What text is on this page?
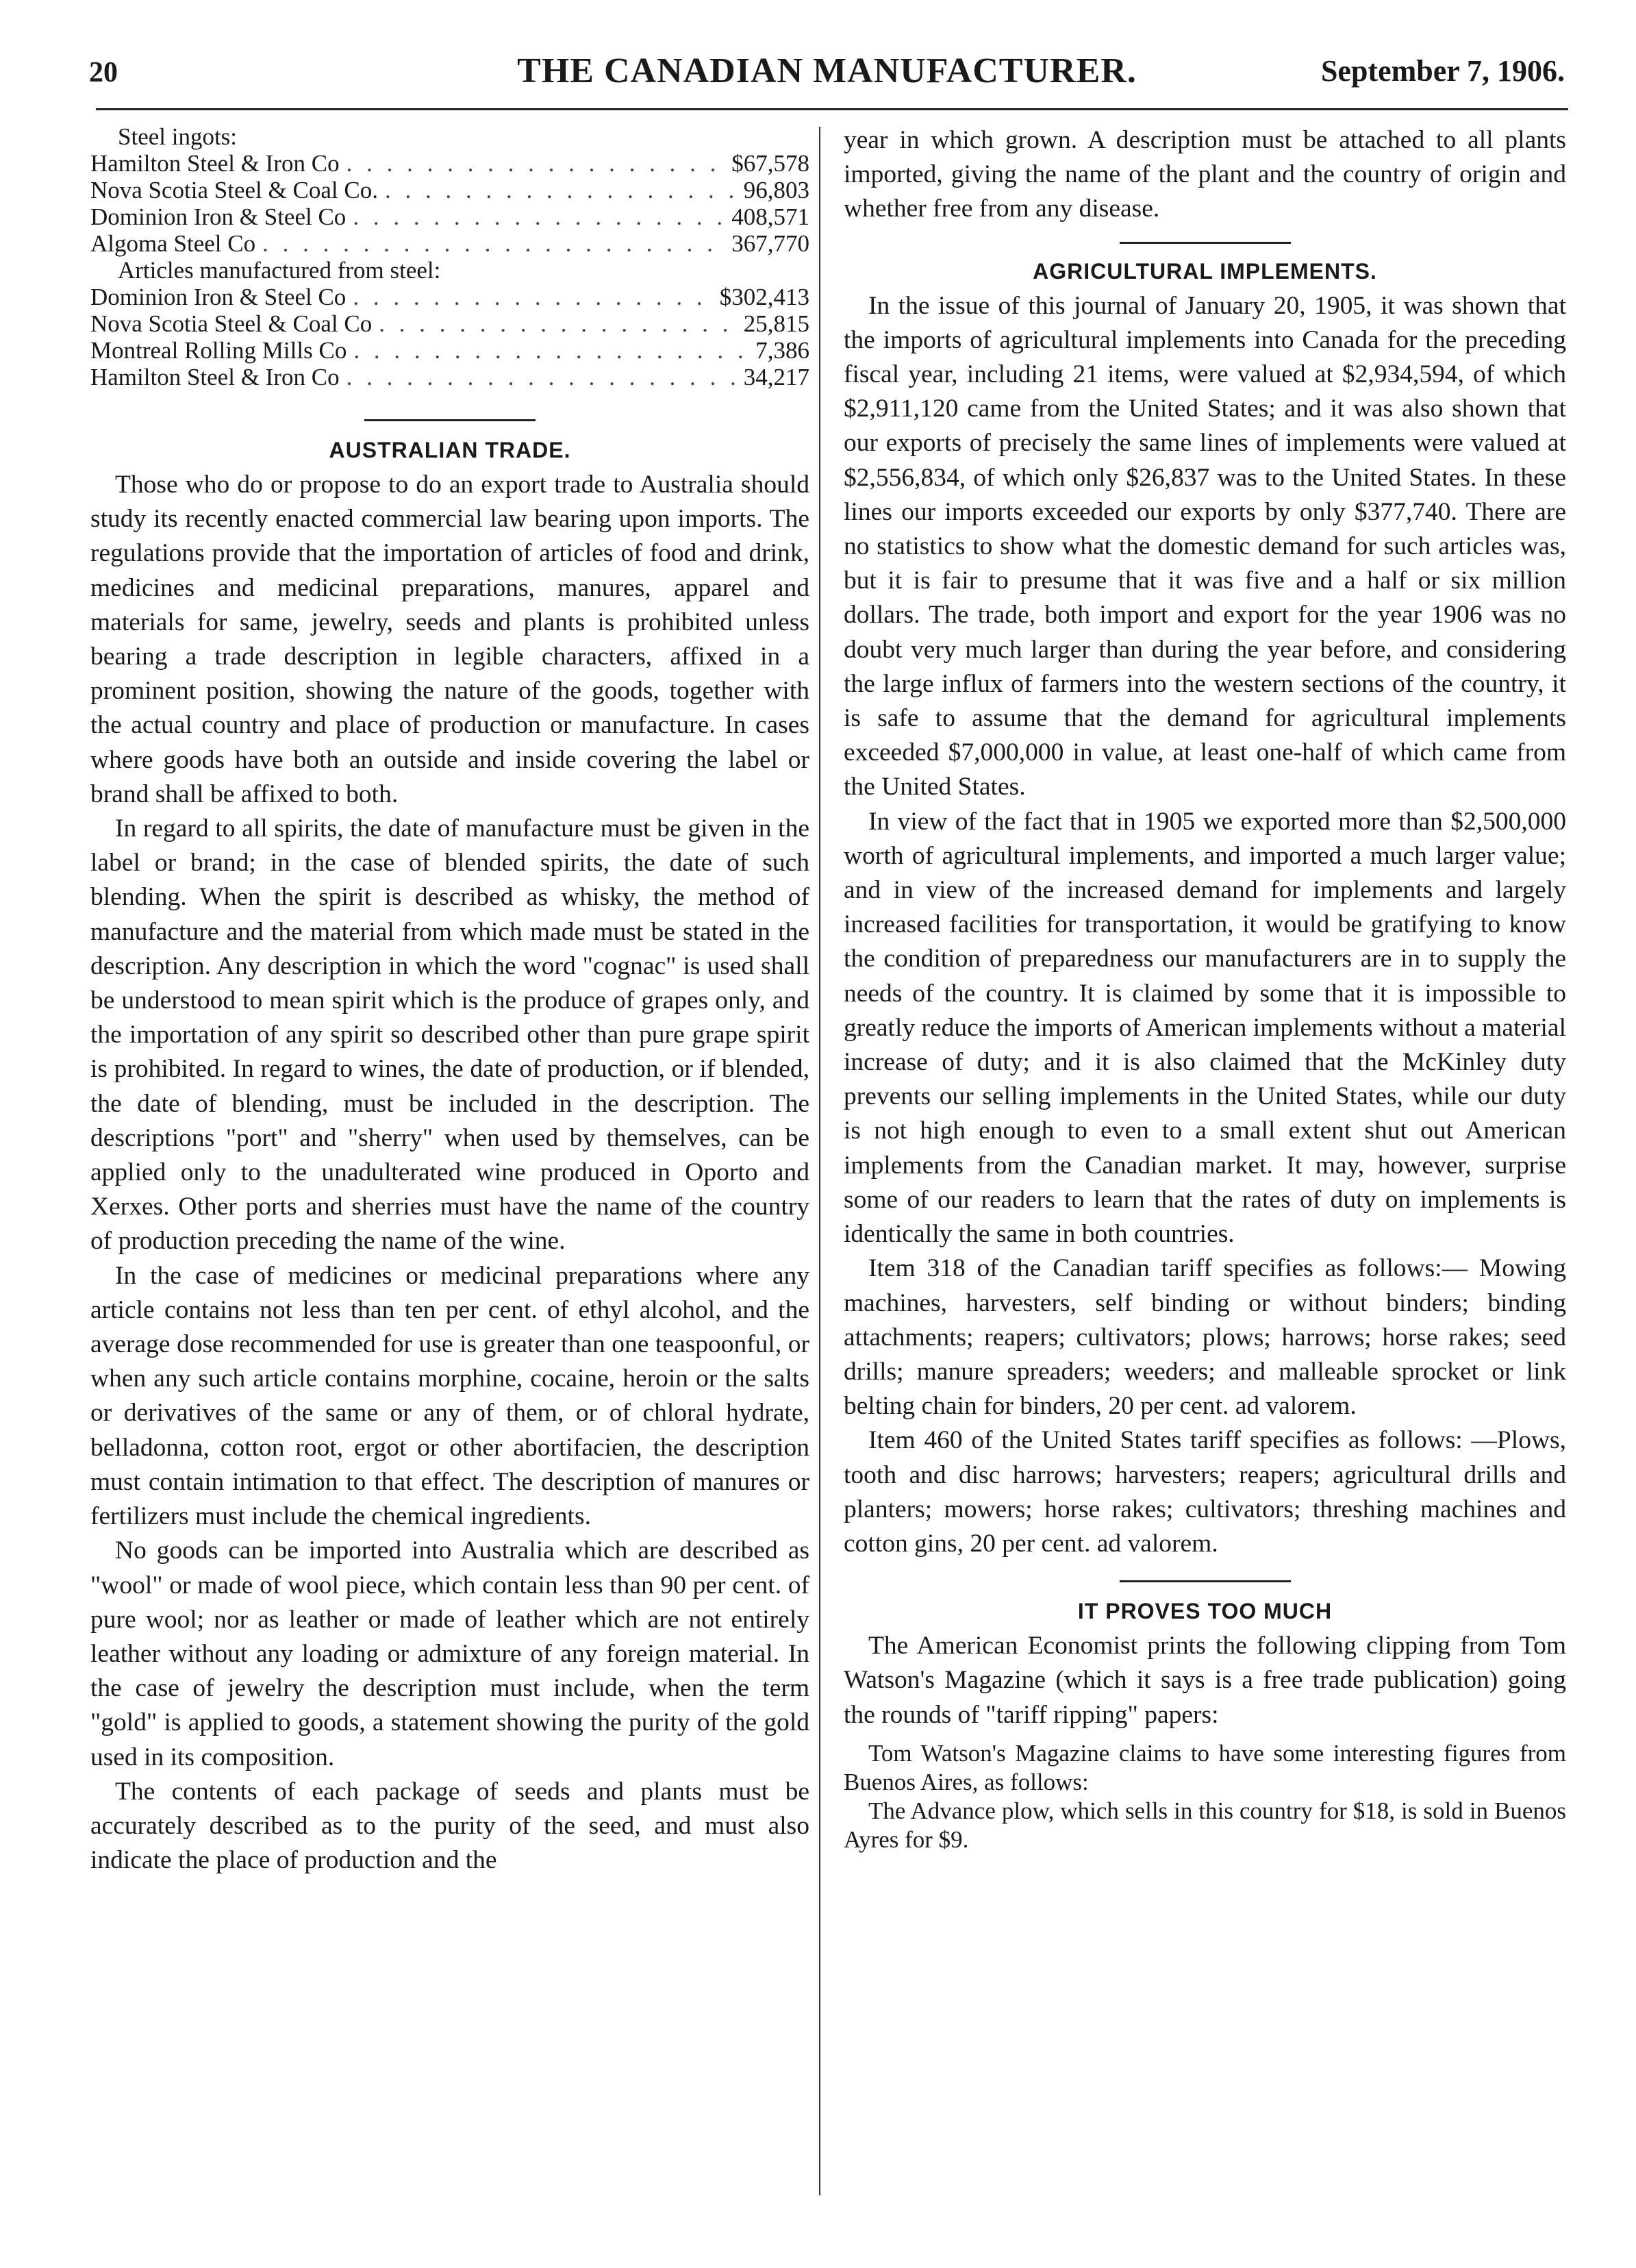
20	THE CANADIAN MANUFACTURER.	September 7, 1906.
Steel ingots:
Hamilton Steel & Iron Co . . .	$67,578
Nova Scotia Steel & Coal Co. . . .	96,803
Dominion Iron & Steel Co . . .	408,571
Algoma Steel Co . . .	367,770
Articles manufactured from steel:
Dominion Iron & Steel Co . . .	$302,413
Nova Scotia Steel & Coal Co . . .	25,815
Montreal Rolling Mills Co . . .	7,386
Hamilton Steel & Iron Co . . .	34,217
AUSTRALIAN TRADE.

Those who do or propose to do an export trade to Australia should study its recently enacted commercial law bearing upon imports. The regulations provide that the importation of articles of food and drink, medicines and medicinal preparations, manures, apparel and materials for same, jewelry, seeds and plants is prohibited unless bearing a trade description in legible characters, affixed in a prominent position, showing the nature of the goods, together with the actual country and place of production or manufacture. In cases where goods have both an outside and inside covering the label or brand shall be affixed to both.

In regard to all spirits, the date of manufacture must be given in the label or brand; in the case of blended spirits, the date of such blending. When the spirit is described as whisky, the method of manufacture and the material from which made must be stated in the description. Any description in which the word "cognac" is used shall be understood to mean spirit which is the produce of grapes only, and the importation of any spirit so described other than pure grape spirit is prohibited. In regard to wines, the date of production, or if blended, the date of blending, must be included in the description. The descriptions "port" and "sherry" when used by themselves, can be applied only to the unadulterated wine produced in Oporto and Xerxes. Other ports and sherries must have the name of the country of production preceding the name of the wine.

In the case of medicines or medicinal preparations where any article contains not less than ten per cent. of ethyl alcohol, and the average dose recommended for use is greater than one teaspoonful, or when any such article contains morphine, cocaine, heroin or the salts or derivatives of the same or any of them, or of chloral hydrate, belladonna, cotton root, ergot or other abortifacien, the description must contain intimation to that effect. The description of manures or fertilizers must include the chemical ingredients.

No goods can be imported into Australia which are described as "wool" or made of wool piece, which contain less than 90 per cent. of pure wool; nor as leather or made of leather which are not entirely leather without any loading or admixture of any foreign material. In the case of jewelry the description must include, when the term "gold" is applied to goods, a statement showing the purity of the gold used in its composition.

The contents of each package of seeds and plants must be accurately described as to the purity of the seed, and must also indicate the place of production and the

year in which grown. A description must be attached to all plants imported, giving the name of the plant and the country of origin and whether free from any disease.

AGRICULTURAL IMPLEMENTS.

In the issue of this journal of January 20, 1905, it was shown that the imports of agricultural implements into Canada for the preceding fiscal year, including 21 items, were valued at $2,934,594, of which $2,911,120 came from the United States; and it was also shown that our exports of precisely the same lines of implements were valued at $2,556,834, of which only $26,837 was to the United States. In these lines our imports exceeded our exports by only $377,740. There are no statistics to show what the domestic demand for such articles was, but it is fair to presume that it was five and a half or six million dollars. The trade, both import and export for the year 1906 was no doubt very much larger than during the year before, and considering the large influx of farmers into the western sections of the country, it is safe to assume that the demand for agricultural implements exceeded $7,000,000 in value, at least one-half of which came from the United States.

In view of the fact that in 1905 we exported more than $2,500,000 worth of agricultural implements, and imported a much larger value; and in view of the increased demand for implements and largely increased facilities for transportation, it would be gratifying to know the condition of preparedness our manufacturers are in to supply the needs of the country. It is claimed by some that it is impossible to greatly reduce the imports of American implements without a material increase of duty; and it is also claimed that the McKinley duty prevents our selling implements in the United States, while our duty is not high enough to even to a small extent shut out American implements from the Canadian market. It may, however, surprise some of our readers to learn that the rates of duty on implements is identically the same in both countries.

Item 318 of the Canadian tariff specifies as follows:— Mowing machines, harvesters, self binding or without binders; binding attachments; reapers; cultivators; plows; harrows; horse rakes; seed drills; manure spreaders; weeders; and malleable sprocket or link belting chain for binders, 20 per cent. ad valorem.

Item 460 of the United States tariff specifies as follows: —Plows, tooth and disc harrows; harvesters; reapers; agricultural drills and planters; mowers; horse rakes; cultivators; threshing machines and cotton gins, 20 per cent. ad valorem.

IT PROVES TOO MUCH

The American Economist prints the following clipping from Tom Watson's Magazine (which it says is a free trade publication) going the rounds of "tariff ripping" papers:

Tom Watson's Magazine claims to have some interesting figures from Buenos Aires, as follows:

The Advance plow, which sells in this country for $18, is sold in Buenos Ayres for $9.
